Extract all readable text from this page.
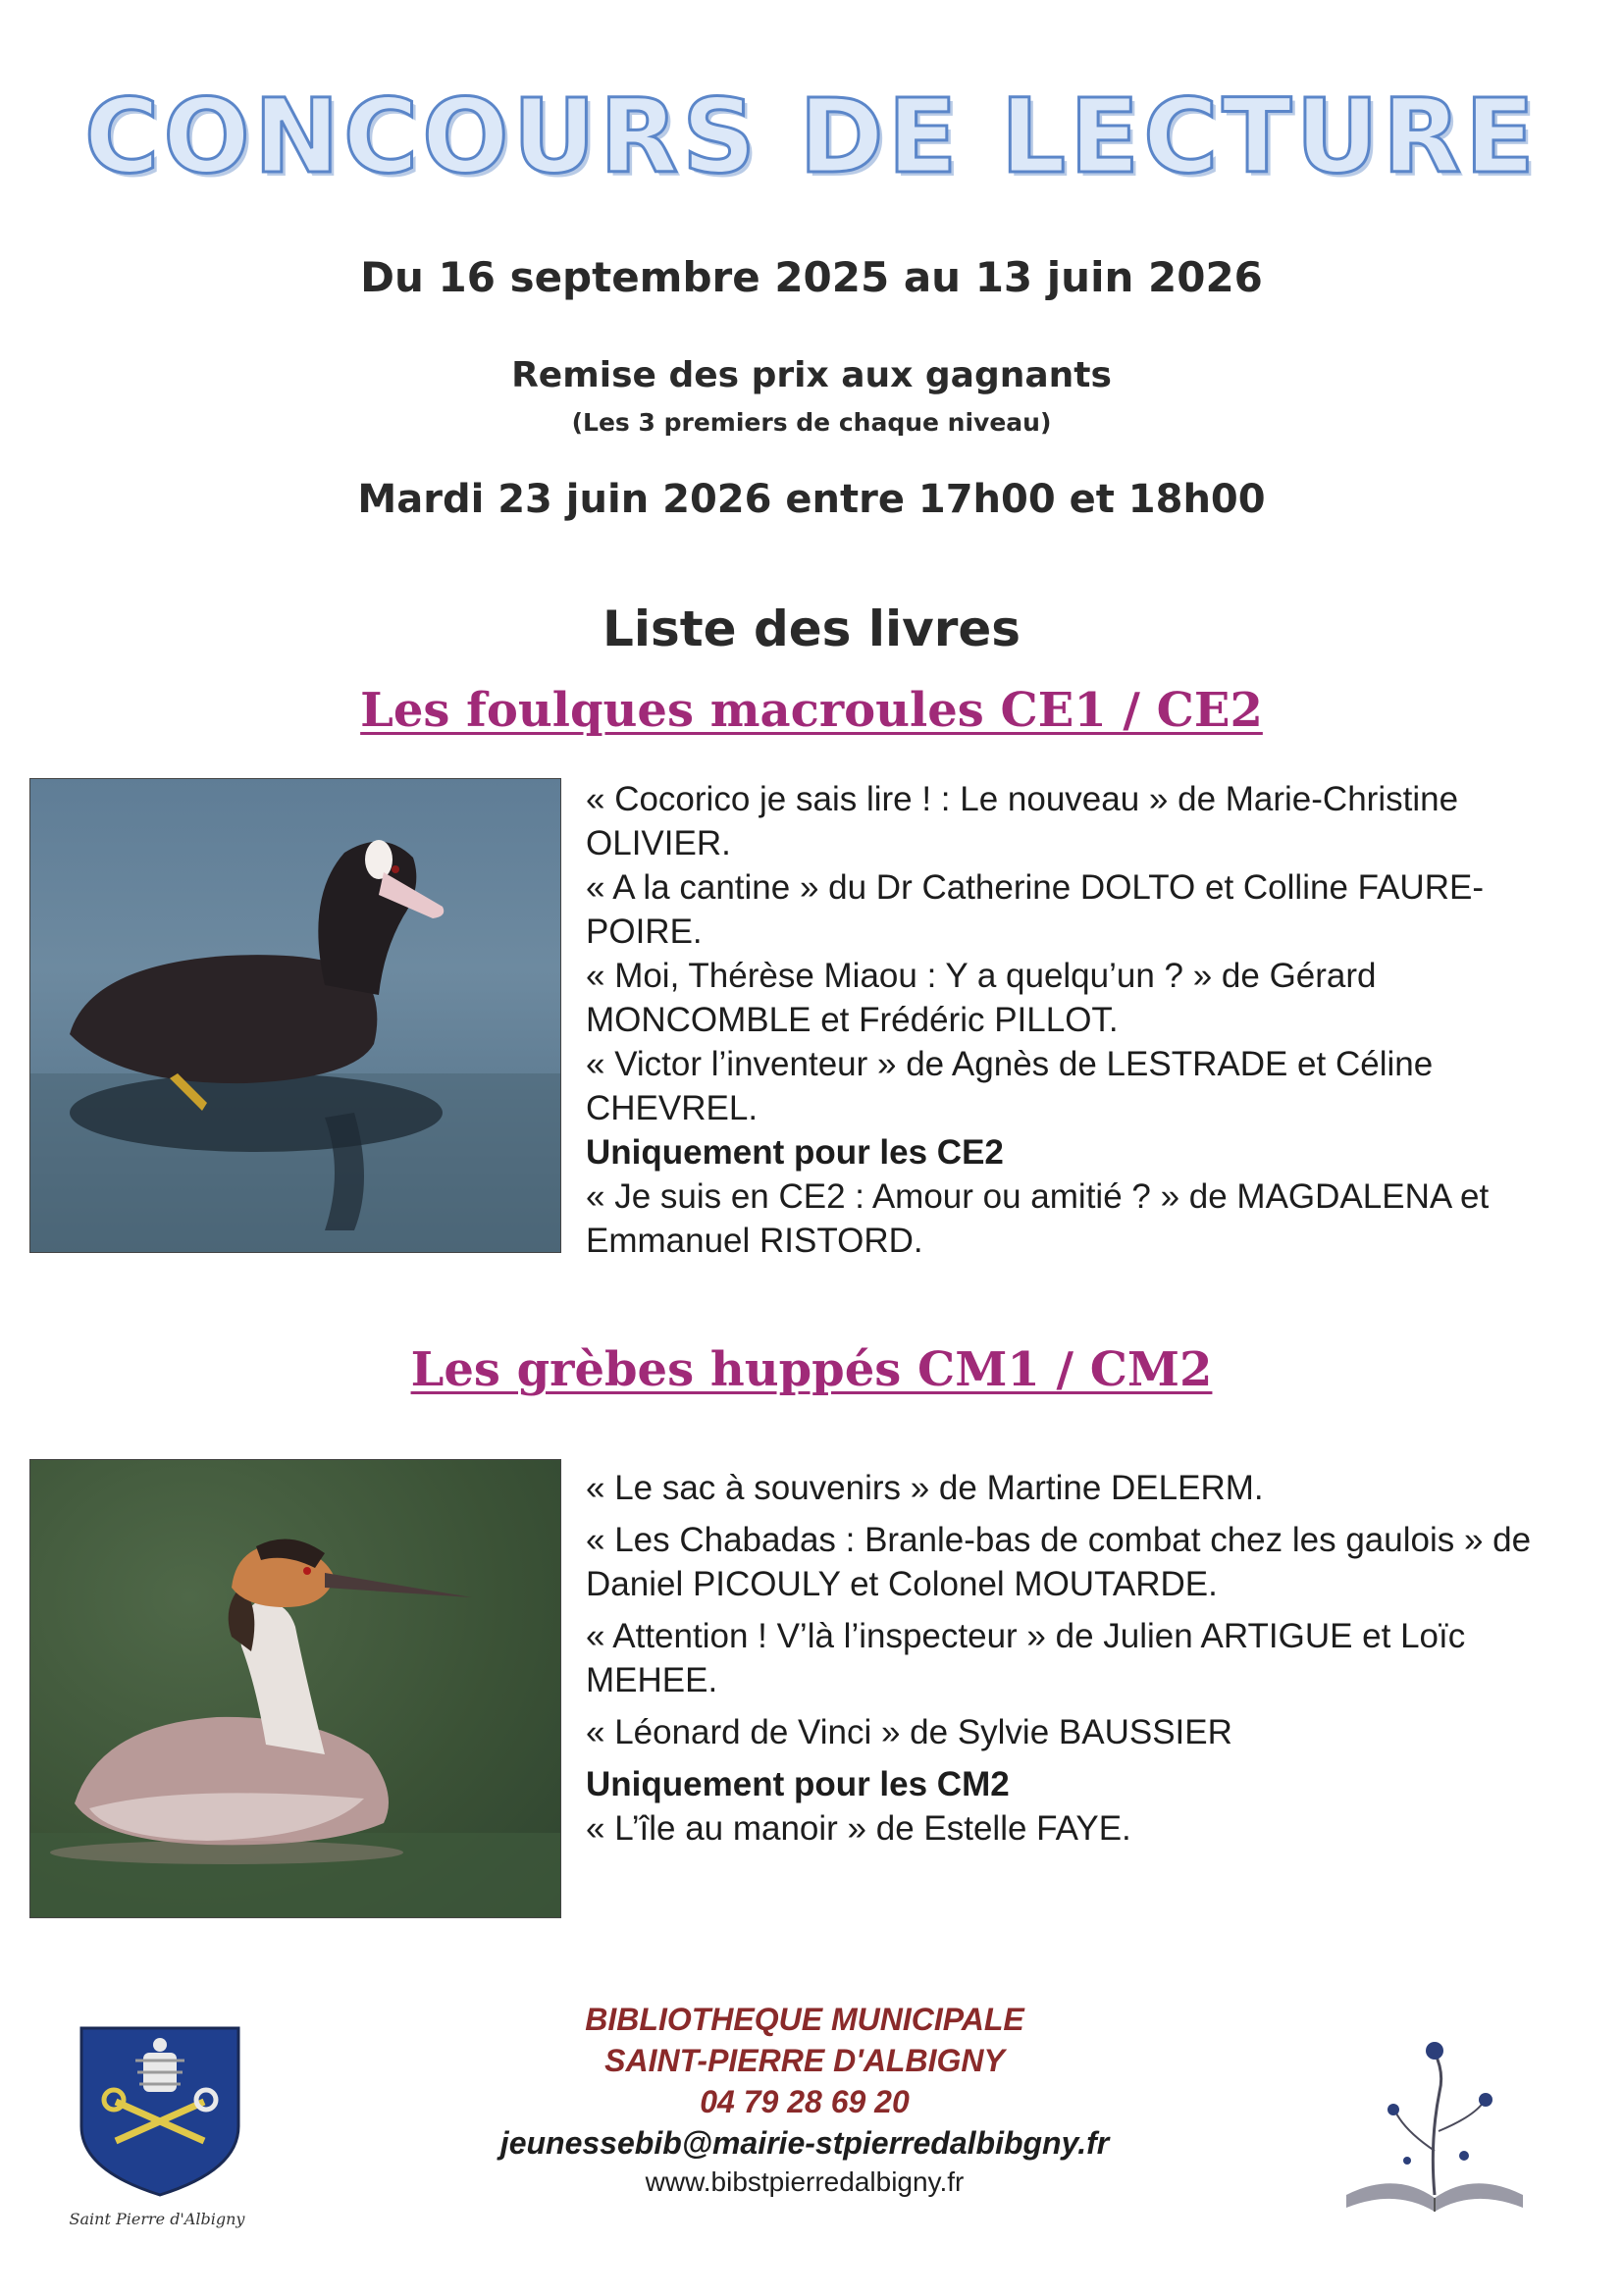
CONCOURS DE LECTURE
Du 16 septembre 2025 au 13 juin 2026
Remise des prix aux gagnants
(Les 3 premiers de chaque niveau)
Mardi 23 juin 2026 entre 17h00 et 18h00
Liste des livres
Les foulques macroules CE1 / CE2

« Cocorico je sais lire ! : Le nouveau » de Marie-Christine OLIVIER.

« A la cantine » du Dr Catherine DOLTO et Colline FAURE-POIRE.

« Moi, Thérèse Miaou : Y a quelqu’un ? » de Gérard MONCOMBLE et Frédéric PILLOT.

« Victor l’inventeur » de Agnès de LESTRADE et Céline CHEVREL.

Uniquement pour les CE2

« Je suis en CE2 : Amour ou amitié ? » de MAGDALENA et Emmanuel RISTORD.

Les grèbes huppés CM1 / CM2

« Le sac à souvenirs » de Martine DELERM.

« Les Chabadas : Branle-bas de combat chez les gaulois » de Daniel PICOULY et Colonel MOUTARDE.

« Attention ! V’là l’inspecteur » de Julien ARTIGUE et Loïc MEHEE.

« Léonard de Vinci » de Sylvie BAUSSIER

Uniquement pour les CM2

« L’île au manoir » de Estelle FAYE.

Saint Pierre d'Albigny
BIBLIOTHEQUE MUNICIPALE
SAINT-PIERRE D'ALBIGNY
04 79 28 69 20
jeunessebib@mairie-stpierredalbibgny.fr
www.bibstpierredalbigny.fr
